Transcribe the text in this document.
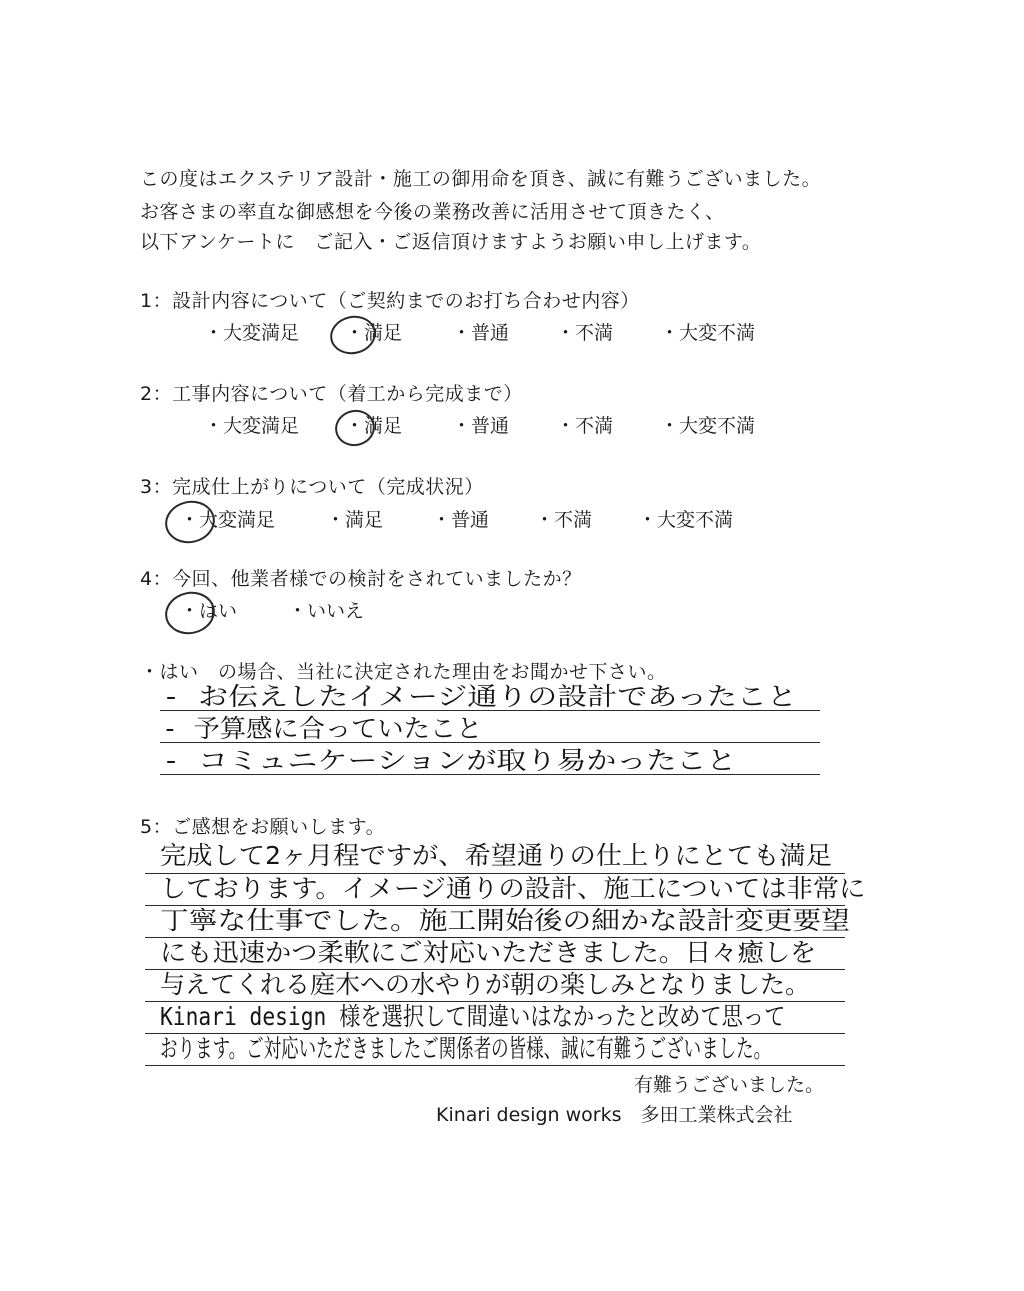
この度はエクステリア設計・施工の御用命を頂き、誠に有難うございました。
お客さまの率直な御感想を今後の業務改善に活用させて頂きたく、
以下アンケートに　ご記入・ご返信頂けますようお願い申し上げます。
1：設計内容について（ご契約までのお打ち合わせ内容）
・大変満足 ・満足	・普通 ・不満 ・大変不満
2：工事内容について（着工から完成まで）
・大変満足 ・満足	・普通 ・不満 ・大変不満
3：完成仕上がりについて（完成状況）
・大変満足	・満足	・普通 ・不満 ・大変不満
4：今回、他業者様での検討をされていましたか？
・はい	・いいえ
・はい　の場合、当社に決定された理由をお聞かせ下さい。
- お伝えしたイメージ通りの設計であったこと
- 予算感に合っていたこと
- コミュニケーションが取り易かったこと
5：ご感想をお願いします。
完成して2ヶ月程ですが、希望通りの仕上りにとても満足
しております。イメージ通りの設計、施工については非常に
丁寧な仕事でした。施工開始後の細かな設計変更要望
にも迅速かつ柔軟にご対応いただきました。日々癒しを
与えてくれる庭木への水やりが朝の楽しみとなりました。
Kinari design 様を選択して間違いはなかったと改めて思って
おります。ご対応いただきましたご関係者の皆様、誠に有難うございました。
有難うございました。
Kinari design works　多田工業株式会社
